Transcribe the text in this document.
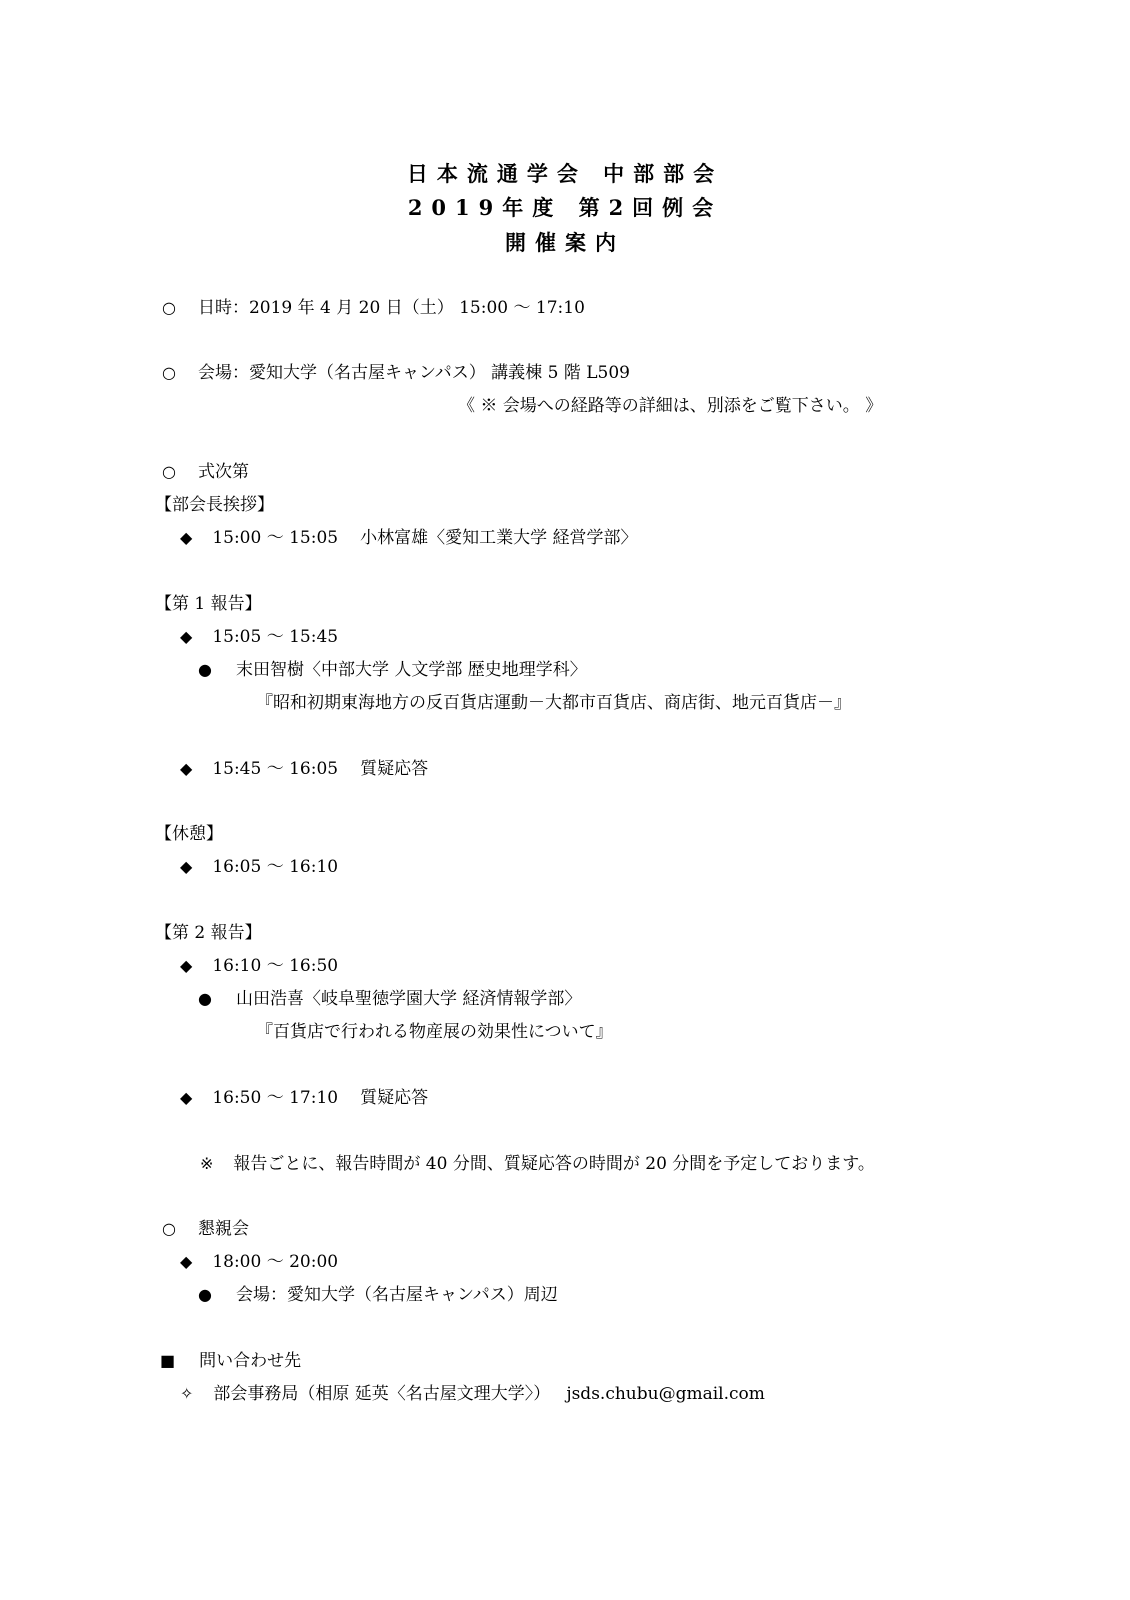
日本流通学会 中部部会
2019年度 第2回例会
開催案内
○ 日時：2019 年 4 月 20 日（土） 15:00 ～ 17:10
○ 会場：愛知大学（名古屋キャンパス） 講義棟 5 階 L509
《 ※ 会場への経路等の詳細は、別添をご覧下さい。 》
○ 式次第
【部会長挨拶】
◆ 15:00 ～ 15:05 小林富雄〈愛知工業大学 経営学部〉
【第 1 報告】
◆ 15:05 ～ 15:45
● 末田智樹〈中部大学 人文学部 歴史地理学科〉
『昭和初期東海地方の反百貨店運動－大都市百貨店、商店街、地元百貨店－』
◆ 15:45 ～ 16:05 質疑応答
【休憩】
◆ 16:05 ～ 16:10
【第 2 報告】
◆ 16:10 ～ 16:50
● 山田浩喜〈岐阜聖徳学園大学 経済情報学部〉
『百貨店で行われる物産展の効果性について』
◆ 16:50 ～ 17:10 質疑応答
※ 報告ごとに、報告時間が 40 分間、質疑応答の時間が 20 分間を予定しております。
○ 懇親会
◆ 18:00 ～ 20:00
● 会場：愛知大学（名古屋キャンパス）周辺
■ 問い合わせ先
✧ 部会事務局（相原 延英〈名古屋文理大学〉） jsds.chubu@gmail.com
